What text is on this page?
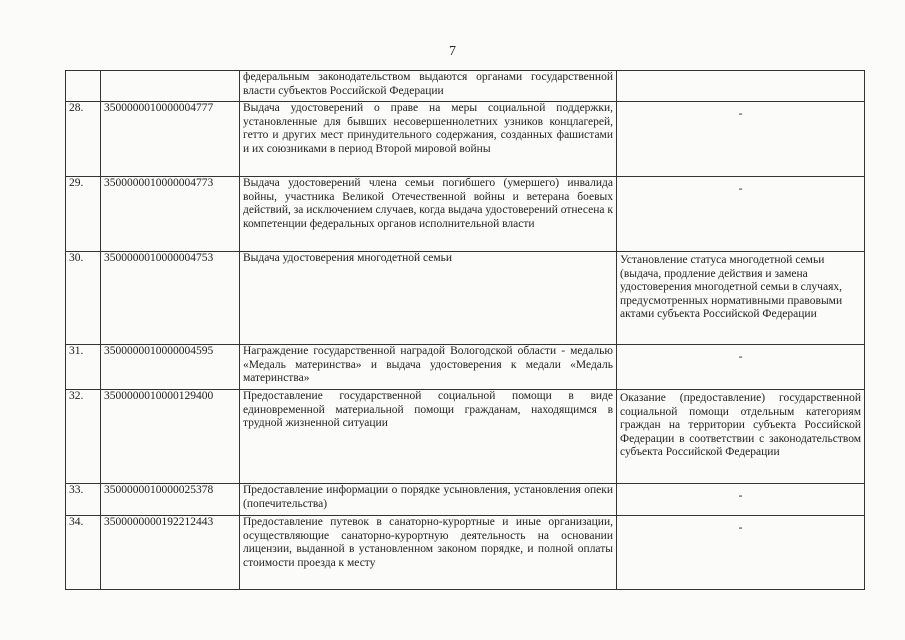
7
		федеральным законодательством выдаются органами государственной власти субъектов Российской Федерации	
28.	3500000010000004777	Выдача удостоверений о праве на меры социальной поддержки, установленные для бывших несовершеннолетних узников концлагерей, гетто и других мест принудительного содержания, созданных фашистами и их союзниками в период Второй мировой войны	-
29.	3500000010000004773	Выдача удостоверений члена семьи погибшего (умершего) инвалида войны, участника Великой Отечественной войны и ветерана боевых действий, за исключением случаев, когда выдача удостоверений отнесена к компетенции федеральных органов исполнительной власти	-
30.	3500000010000004753	Выдача удостоверения многодетной семьи	Установление статуса многодетной семьи (выдача, продление действия и замена удостоверения многодетной семьи в случаях, предусмотренных нормативными правовыми актами субъекта Российской Федерации

31.	3500000010000004595	Награждение государственной наградой Вологодской области - медалью «Медаль материнства» и выдача удостоверения к медали «Медаль материнства»	-
32.	3500000010000129400	Предоставление государственной социальной помощи в виде единовременной материальной помощи гражданам, находящимся в трудной жизненной ситуации	Оказание (предоставление) государственной социальной помощи отдельным категориям граждан на территории субъекта Российской Федерации в соответствии с законодательством субъекта Российской Федерации

33.	3500000010000025378	Предоставление информации о порядке усыновления, установления опеки (попечительства)	-
34.	3500000000192212443	Предоставление путевок в санаторно-курортные и иные организации, осуществляющие санаторно-курортную деятельность на основании лицензии, выданной в установленном законом порядке, и полной оплаты стоимости проезда к месту	-
